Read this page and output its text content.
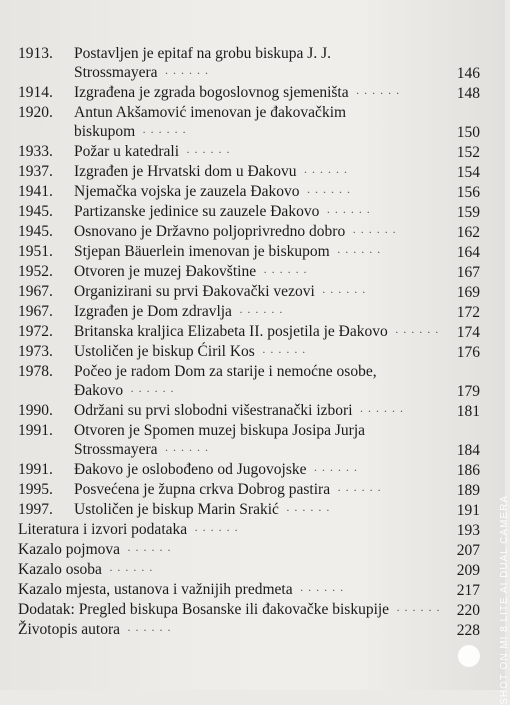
1913.	Postavljen je epitaf na grobu biskupa J. J.
Strossmayera ······	146
1914.	Izgrađena je zgrada bogoslovnog sjemeništa ······	148
1920.	Antun Akšamović imenovan je đakovačkim
biskupom ······	150
1933.	Požar u katedrali ······	152
1937.	Izgrađen je Hrvatski dom u Đakovu ······	154
1941.	Njemačka vojska je zauzela Đakovo ······	156
1945.	Partizanske jedinice su zauzele Đakovo ······	159
1945.	Osnovano je Državno poljoprivredno dobro ······	162
1951.	Stjepan Bäuerlein imenovan je biskupom ······	164
1952.	Otvoren je muzej Đakovštine ······	167
1967.	Organizirani su prvi Đakovački vezovi ······	169
1967.	Izgrađen je Dom zdravlja ······	172
1972.	Britanska kraljica Elizabeta II. posjetila je Đakovo ······ 174
1973.	Ustoličen je biskup Ćiril Kos ······	176
1978.	Počeo je radom Dom za starije i nemoćne osobe,
Đakovo ······	179
1990.	Održani su prvi slobodni višestranački izbori ······	181
1991.	Otvoren je Spomen muzej biskupa Josipa Jurja
Strossmayera ······	184
1991.	Đakovo je oslobođeno od Jugovojske ······	186
1995.	Posvećena je župna crkva Dobrog pastira ······	189
1997.	Ustoličen je biskup Marin Srakić ······	191
Literatura i izvori podataka ······	193
Kazalo pojmova ······	207
Kazalo osoba ······	209
Kazalo mjesta, ustanova i važnijih predmeta ······	217
Dodatak: Pregled biskupa Bosanske ili đakovačke biskupije ······ 220
Životopis autora ······	228 SHOT ON MI 8 LITE AI DUAL CAMERA
